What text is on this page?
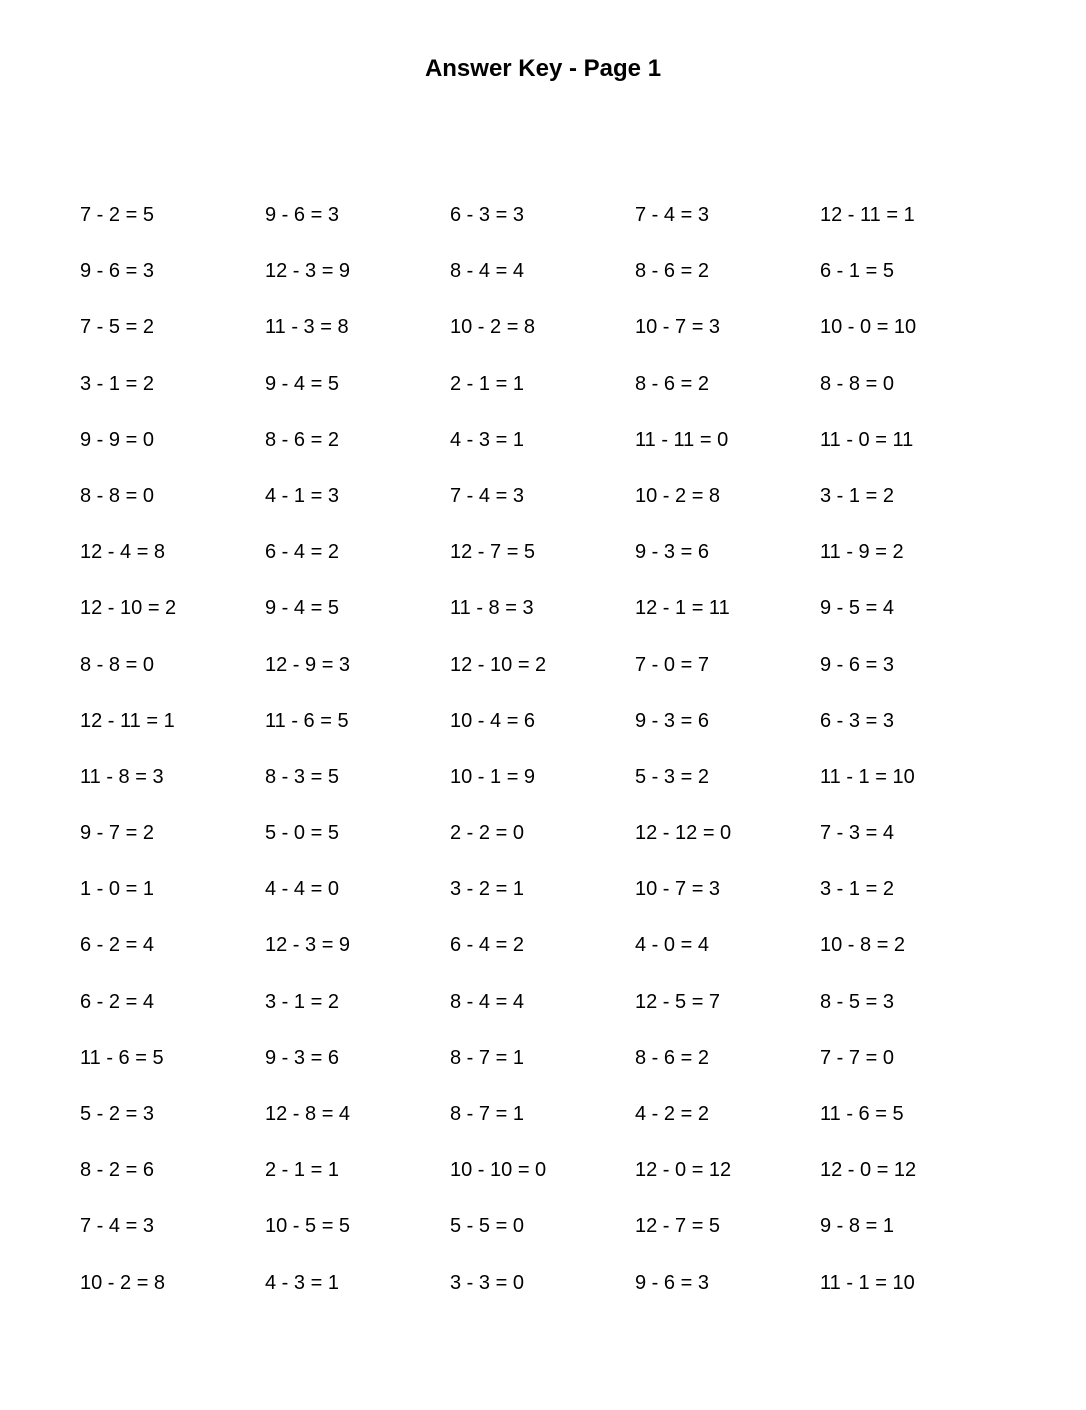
Answer Key - Page 1
7 - 2 = 5	9 - 6 = 3	6 - 3 = 3	7 - 4 = 3	12 - 11 = 1
9 - 6 = 3	12 - 3 = 9	8 - 4 = 4	8 - 6 = 2	6 - 1 = 5
7 - 5 = 2	11 - 3 = 8	10 - 2 = 8	10 - 7 = 3	10 - 0 = 10
3 - 1 = 2	9 - 4 = 5	2 - 1 = 1	8 - 6 = 2	8 - 8 = 0
9 - 9 = 0	8 - 6 = 2	4 - 3 = 1	11 - 11 = 0	11 - 0 = 11
8 - 8 = 0	4 - 1 = 3	7 - 4 = 3	10 - 2 = 8	3 - 1 = 2
12 - 4 = 8	6 - 4 = 2	12 - 7 = 5	9 - 3 = 6	11 - 9 = 2
12 - 10 = 2	9 - 4 = 5	11 - 8 = 3	12 - 1 = 11	9 - 5 = 4
8 - 8 = 0	12 - 9 = 3	12 - 10 = 2	7 - 0 = 7	9 - 6 = 3
12 - 11 = 1	11 - 6 = 5	10 - 4 = 6	9 - 3 = 6	6 - 3 = 3
11 - 8 = 3	8 - 3 = 5	10 - 1 = 9	5 - 3 = 2	11 - 1 = 10
9 - 7 = 2	5 - 0 = 5	2 - 2 = 0	12 - 12 = 0	7 - 3 = 4
1 - 0 = 1	4 - 4 = 0	3 - 2 = 1	10 - 7 = 3	3 - 1 = 2
6 - 2 = 4	12 - 3 = 9	6 - 4 = 2	4 - 0 = 4	10 - 8 = 2
6 - 2 = 4	3 - 1 = 2	8 - 4 = 4	12 - 5 = 7	8 - 5 = 3
11 - 6 = 5	9 - 3 = 6	8 - 7 = 1	8 - 6 = 2	7 - 7 = 0
5 - 2 = 3	12 - 8 = 4	8 - 7 = 1	4 - 2 = 2	11 - 6 = 5
8 - 2 = 6	2 - 1 = 1	10 - 10 = 0	12 - 0 = 12	12 - 0 = 12
7 - 4 = 3	10 - 5 = 5	5 - 5 = 0	12 - 7 = 5	9 - 8 = 1
10 - 2 = 8	4 - 3 = 1	3 - 3 = 0	9 - 6 = 3	11 - 1 = 10
